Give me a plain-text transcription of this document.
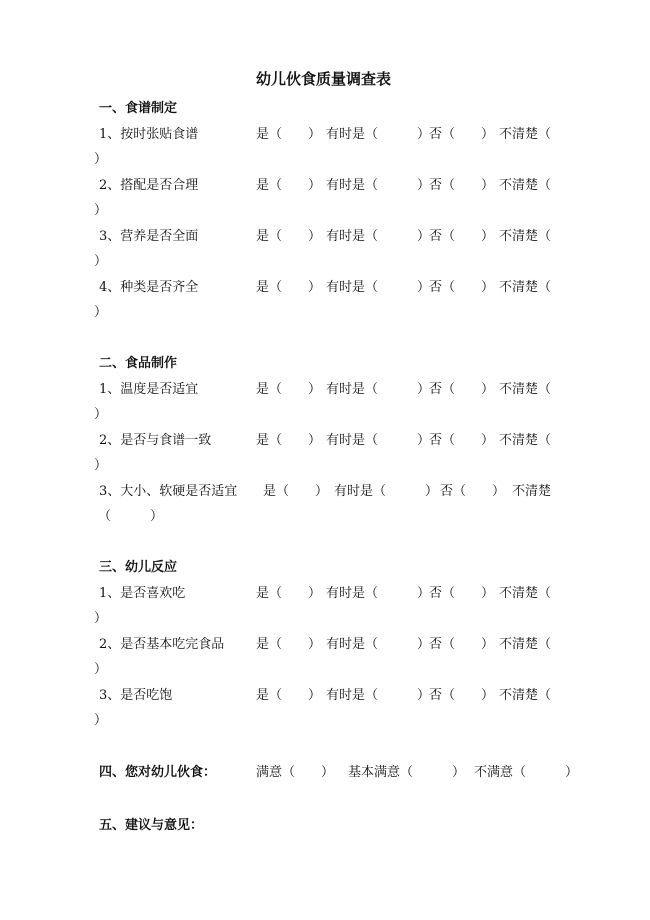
幼儿伙食质量调查表
一、食谱制定
1、按时张贴食谱	是（　　） 有时是（　　　）
否（　　） 不清楚（
）
2、搭配是否合理	是（　　） 有时是（　　　）
否（　　） 不清楚（
）
3、营养是否全面	是（　　） 有时是（　　　）
否（　　） 不清楚（
）
4、种类是否齐全	是（　　） 有时是（　　　）
否（　　） 不清楚（
）
二、食品制作
1、温度是否适宜	是（　　） 有时是（　　　）
否（　　） 不清楚（
）
2、是否与食谱一致	是（　　） 有时是（　　　）
否（　　） 不清楚（
）
3、大小、软硬是否适宜 是（　　） 有时是（　　　） 否（　　） 不清楚
（　　　）
三、幼儿反应
1、是否喜欢吃	是（　　） 有时是（　　　）
否（　　） 不清楚（
）
2、是否基本吃完食品 是（　　） 有时是（　　　）
否（　　） 不清楚（
）
3、是否吃饱	是（　　） 有时是（　　　）
否（　　） 不清楚（
）
四、您对幼儿伙食：	满意（　　） 基本满意（　　　） 不满意（　　　）
五、建议与意见：
